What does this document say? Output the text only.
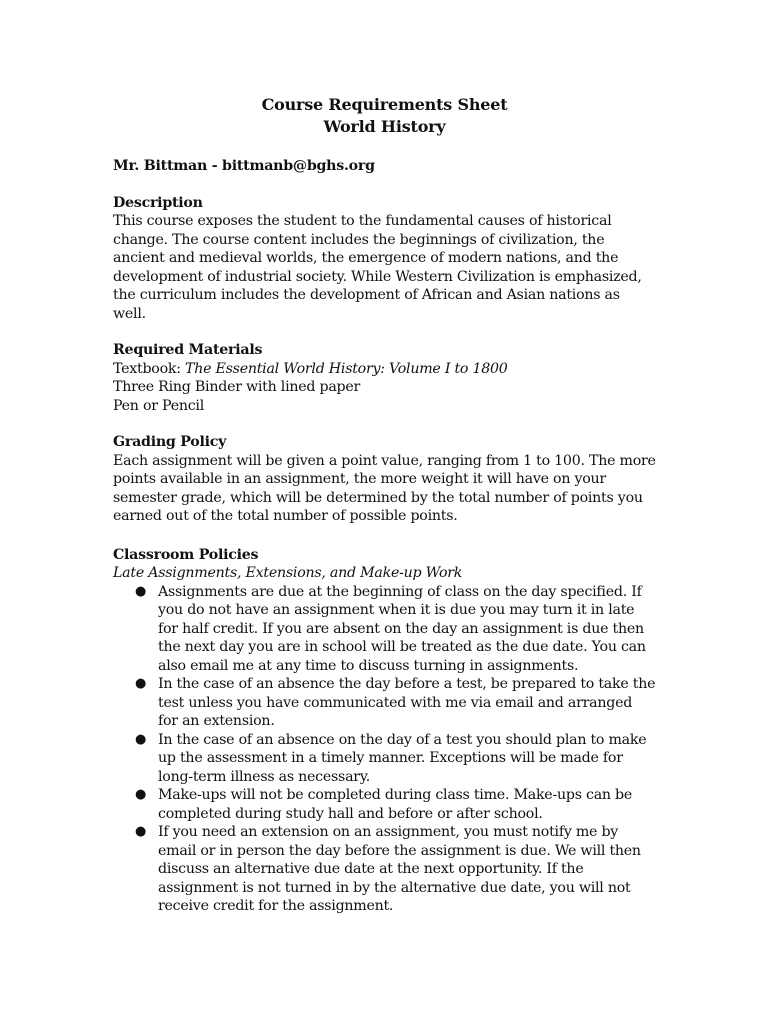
Course Requirements Sheet
World History
Mr. Bittman - bittmanb@bghs.org
Description

This course exposes the student to the fundamental causes of historical change. The course content includes the beginnings of civilization, the ancient and medieval worlds, the emergence of modern nations, and the development of industrial society. While Western Civilization is emphasized, the curriculum includes the development of African and Asian nations as well.

Required Materials
Textbook: The Essential World History: Volume I to 1800
Three Ring Binder with lined paper
Pen or Pencil
Grading Policy

Each assignment will be given a point value, ranging from 1 to 100. The more points available in an assignment, the more weight it will have on your semester grade, which will be determined by the total number of points you earned out of the total number of possible points.

Classroom Policies
Late Assignments, Extensions, and Make-up Work
● Assignments are due at the beginning of class on the day specified. If you do not have an assignment when it is due you may turn it in late for half credit. If you are absent on the day an assignment is due then the next day you are in school will be treated as the due date. You can also email me at any time to discuss turning in assignments.
● In the case of an absence the day before a test, be prepared to take the test unless you have communicated with me via email and arranged for an extension.
● In the case of an absence on the day of a test you should plan to make up the assessment in a timely manner. Exceptions will be made for long-term illness as necessary.
● Make-ups will not be completed during class time. Make-ups can be completed during study hall and before or after school.
● If you need an extension on an assignment, you must notify me by email or in person the day before the assignment is due. We will then discuss an alternative due date at the next opportunity. If the assignment is not turned in by the alternative due date, you will not receive credit for the assignment.
